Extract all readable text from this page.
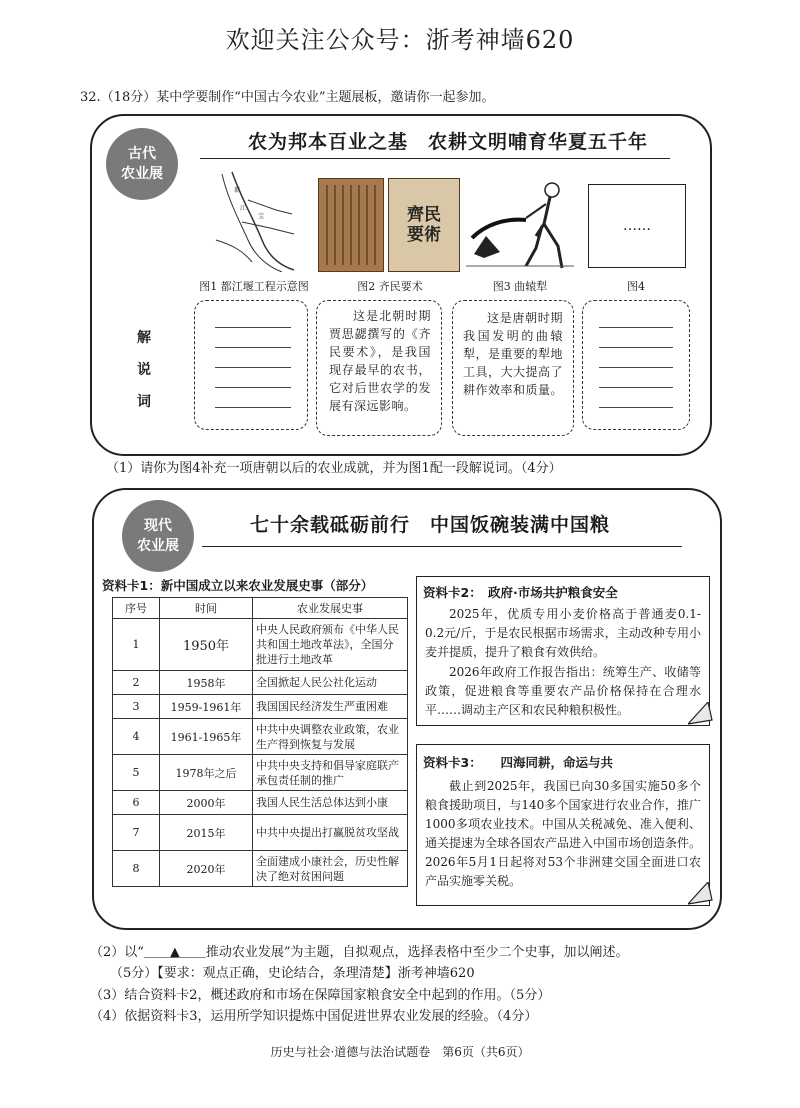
欢迎关注公众号：浙考神墙620
32.（18分）某中学要制作“中国古今农业”主题展板，邀请你一起参加。
古代
农业展
农为邦本百业之基　农耕文明哺育华夏五千年
都
江
宝
图1 都江堰工程示意图
齊民要術
图2 齐民要术	图3 曲辕犁
……
图4
解
说
词
这是北朝时期贾思勰撰写的《齐民要术》，是我国现存最早的农书，它对后世农学的发展有深远影响。
这是唐朝时期我国发明的曲辕犁，是重要的犁地工具，大大提高了耕作效率和质量。
（1）请你为图4补充一项唐朝以后的农业成就，并为图1配一段解说词。（4分）
现代
农业展
七十余载砥砺前行　中国饭碗装满中国粮
资料卡1：新中国成立以来农业发展史事（部分）
序号	时间	农业发展史事
1	1950年	中央人民政府颁布《中华人民共和国土地改革法》，全国分批进行土地改革
2	1958年	全国掀起人民公社化运动
3	1959-1961年	我国国民经济发生严重困难
4	1961-1965年	中共中央调整农业政策，农业生产得到恢复与发展
5	1978年之后	中共中央支持和倡导家庭联产承包责任制的推广
6	2000年	我国人民生活总体达到小康
7	2015年	中共中央提出打赢脱贫攻坚战
8	2020年	全面建成小康社会，历史性解决了绝对贫困问题
资料卡2：　政府·市场共护粮食安全
2025年，优质专用小麦价格高于普通麦0.1-0.2元/斤，于是农民根据市场需求，主动改种专用小麦并提质，提升了粮食有效供给。
2026年政府工作报告指出：统筹生产、收储等政策，促进粮食等重要农产品价格保持在合理水平……调动主产区和农民种粮积极性。
资料卡3：　　四海同耕，命运与共
截止到2025年，我国已向30多国实施50多个粮食援助项目，与140多个国家进行农业合作，推广1000多项农业技术。中国从关税减免、准入便利、通关提速为全球各国农产品进入中国市场创造条件。2026年5月1日起将对53个非洲建交国全面进口农产品实施零关税。
（2）以“＿＿▲＿＿推动农业发展”为主题，自拟观点，选择表格中至少二个史事，加以阐述。
（5分）【要求：观点正确，史论结合，条理清楚】浙考神墙620
（3）结合资料卡2，概述政府和市场在保障国家粮食安全中起到的作用。（5分）
（4）依据资料卡3，运用所学知识提炼中国促进世界农业发展的经验。（4分）
历史与社会·道德与法治试题卷　第6页（共6页）
